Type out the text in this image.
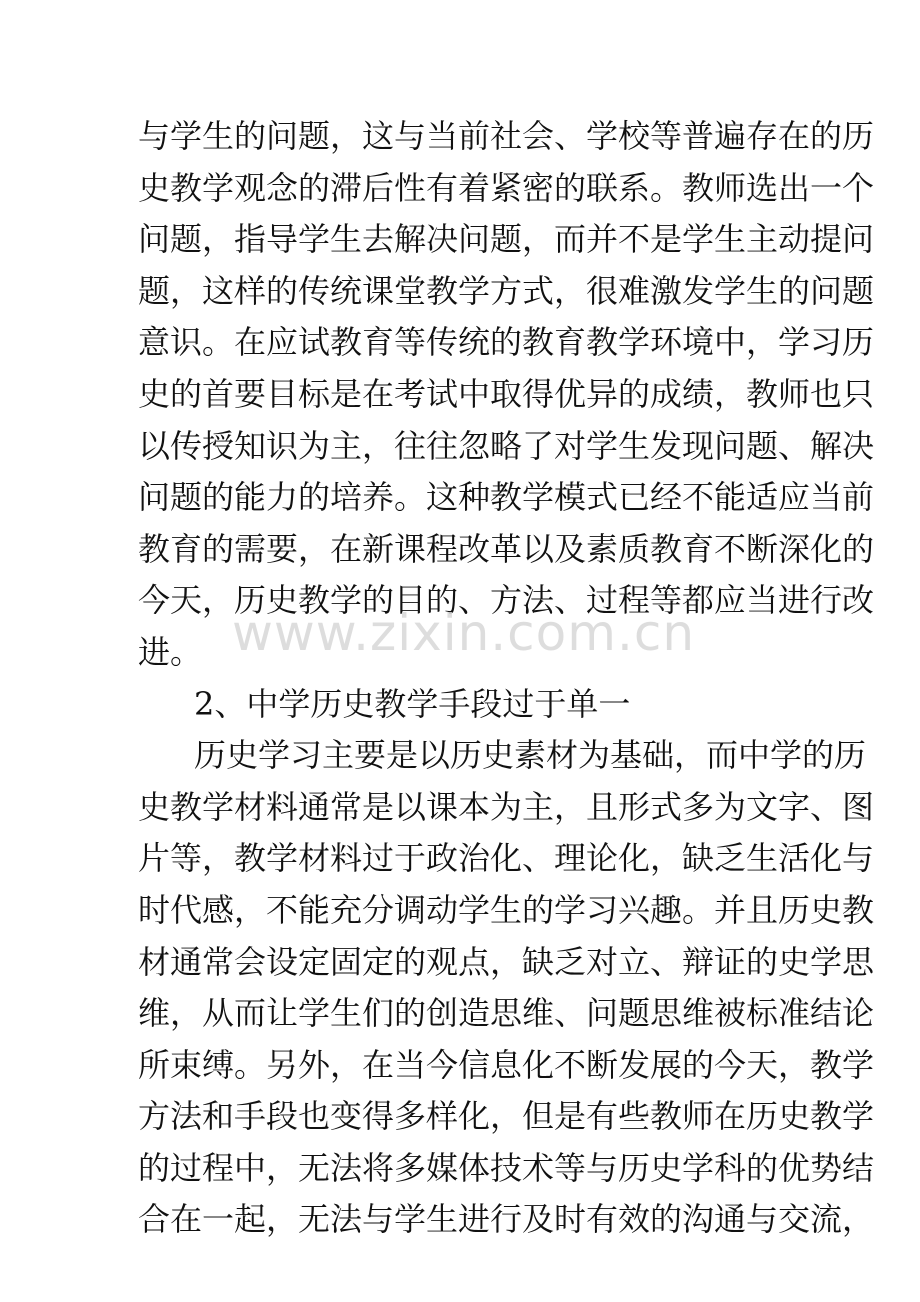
与学生的问题，这与当前社会、学校等普遍存在的历
史教学观念的滞后性有着紧密的联系。教师选出一个
问题，指导学生去解决问题，而并不是学生主动提问
题，这样的传统课堂教学方式，很难激发学生的问题
意识。在应试教育等传统的教育教学环境中，学习历
史的首要目标是在考试中取得优异的成绩，教师也只
以传授知识为主，往往忽略了对学生发现问题、解决
问题的能力的培养。这种教学模式已经不能适应当前
教育的需要，在新课程改革以及素质教育不断深化的
今天，历史教学的目的、方法、过程等都应当进行改
进。
2、中学历史教学手段过于单一
历史学习主要是以历史素材为基础，而中学的历
史教学材料通常是以课本为主，且形式多为文字、图
片等，教学材料过于政治化、理论化，缺乏生活化与
时代感，不能充分调动学生的学习兴趣。并且历史教
材通常会设定固定的观点，缺乏对立、辩证的史学思
维，从而让学生们的创造思维、问题思维被标准结论
所束缚。另外，在当今信息化不断发展的今天，教学
方法和手段也变得多样化，但是有些教师在历史教学
的过程中，无法将多媒体技术等与历史学科的优势结
合在一起，无法与学生进行及时有效的沟通与交流，
www.zixin.com.cn
